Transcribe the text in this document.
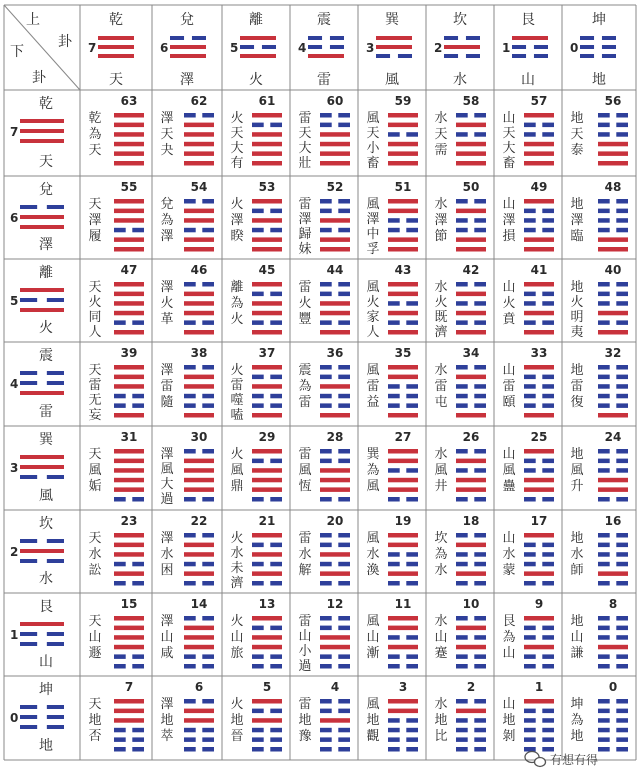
上
卦
下
卦
乾
7
天
兌
6
澤
離
5
火
震
4
雷
巽
3
風
坎
2
水
艮
1
山
坤
0
地
乾
7
天
兌
6
澤
離
5
火
震
4
雷
巽
3
風
坎
2
水
艮
1
山
坤
0
地
63
乾
為
天
62
澤
天
夬
61
火
天
大
有
60
雷
天
大
壯
59
風
天
小
畜
58
水
天
需
57
山
天
大
畜
56
地
天
泰
55
天
澤
履
54
兌
為
澤
53
火
澤
睽
52
雷
澤
歸
妹
51
風
澤
中
孚
50
水
澤
節
49
山
澤
損
48
地
澤
臨
47
天
火
同
人
46
澤
火
革
45
離
為
火
44
雷
火
豐
43
風
火
家
人
42
水
火
既
濟
41
山
火
賁
40
地
火
明
夷
39
天
雷
无
妄
38
澤
雷
隨
37
火
雷
噬
嗑
36
震
為
雷
35
風
雷
益
34
水
雷
屯
33
山
雷
頤
32
地
雷
復
31
天
風
姤
30
澤
風
大
過
29
火
風
鼎
28
雷
風
恆
27
巽
為
風
26
水
風
井
25
山
風
蠱
24
地
風
升
23
天
水
訟
22
澤
水
困
21
火
水
未
濟
20
雷
水
解
19
風
水
渙
18
坎
為
水
17
山
水
蒙
16
地
水
師
15
天
山
遯
14
澤
山
咸
13
火
山
旅
12
雷
山
小
過
11
風
山
漸
10
水
山
蹇
9
艮
為
山
8
地
山
謙
7
天
地
否
6
澤
地
萃
5
火
地
晉
4
雷
地
豫
3
風
地
觀
2
水
地
比
1
山
地
剝
0
坤
為
地
有想有得
